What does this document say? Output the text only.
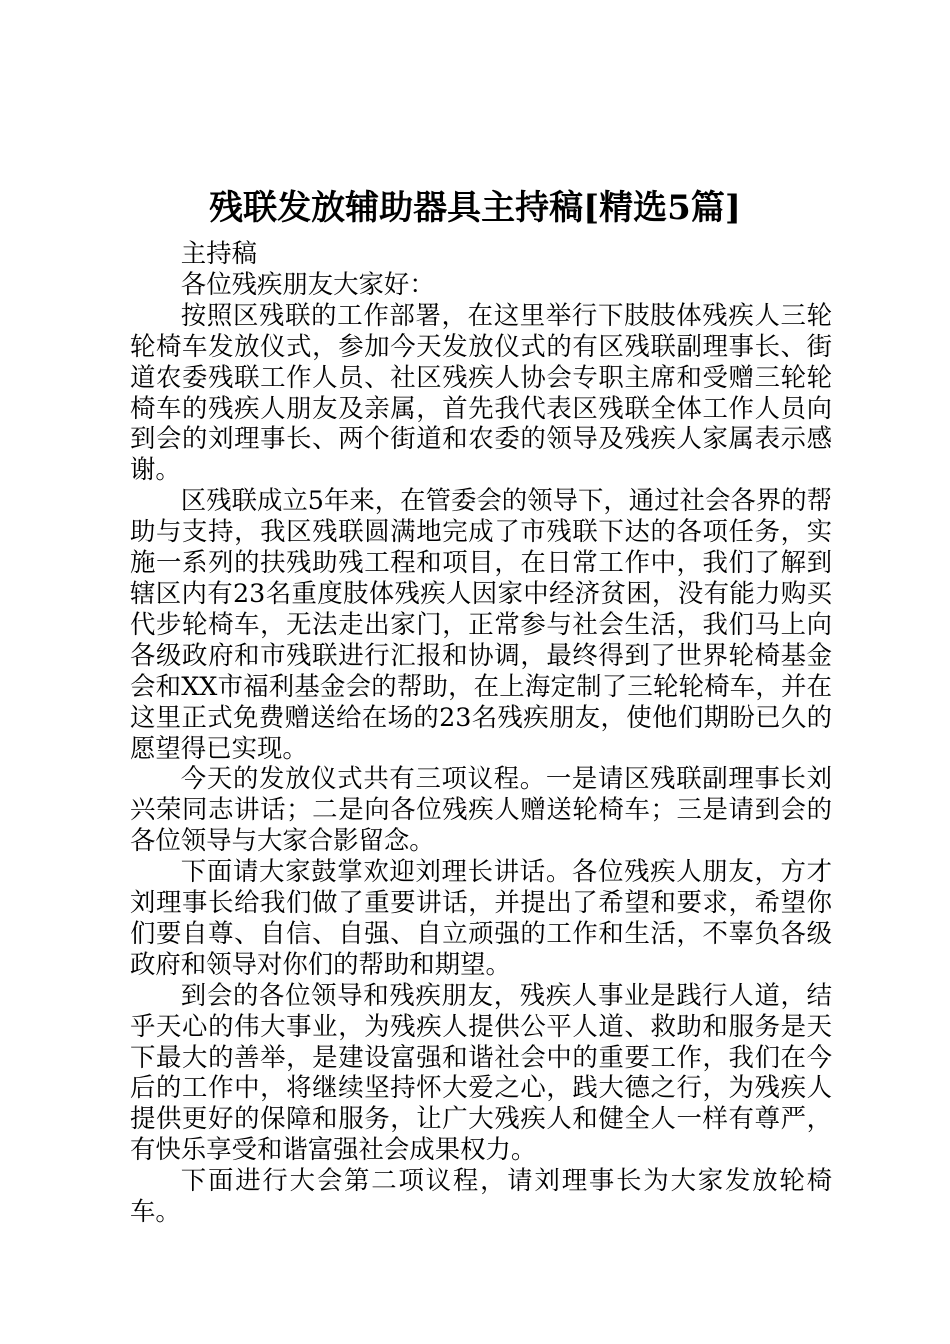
残联发放辅助器具主持稿[精选5篇]

主持稿

各位残疾朋友大家好：

按照区残联的工作部署，在这里举行下肢肢体残疾人三轮轮椅车发放仪式，参加今天发放仪式的有区残联副理事长、街道农委残联工作人员、社区残疾人协会专职主席和受赠三轮轮椅车的残疾人朋友及亲属，首先我代表区残联全体工作人员向到会的刘理事长、两个街道和农委的领导及残疾人家属表示感谢。

区残联成立5年来，在管委会的领导下，通过社会各界的帮助与支持，我区残联圆满地完成了市残联下达的各项任务，实施一系列的扶残助残工程和项目，在日常工作中，我们了解到辖区内有23名重度肢体残疾人因家中经济贫困，没有能力购买代步轮椅车，无法走出家门，正常参与社会生活，我们马上向各级政府和市残联进行汇报和协调，最终得到了世界轮椅基金会和XX市福利基金会的帮助，在上海定制了三轮轮椅车，并在这里正式免费赠送给在场的23名残疾朋友，使他们期盼已久的愿望得已实现。

今天的发放仪式共有三项议程。一是请区残联副理事长刘兴荣同志讲话；二是向各位残疾人赠送轮椅车；三是请到会的各位领导与大家合影留念。

下面请大家鼓掌欢迎刘理长讲话。各位残疾人朋友，方才刘理事长给我们做了重要讲话，并提出了希望和要求，希望你们要自尊、自信、自强、自立顽强的工作和生活，不辜负各级政府和领导对你们的帮助和期望。

到会的各位领导和残疾朋友，残疾人事业是践行人道，结乎天心的伟大事业，为残疾人提供公平人道、救助和服务是天下最大的善举，是建设富强和谐社会中的重要工作，我们在今后的工作中，将继续坚持怀大爱之心，践大德之行，为残疾人提供更好的保障和服务，让广大残疾人和健全人一样有尊严，有快乐享受和谐富强社会成果权力。

下面进行大会第二项议程，请刘理事长为大家发放轮椅车。
